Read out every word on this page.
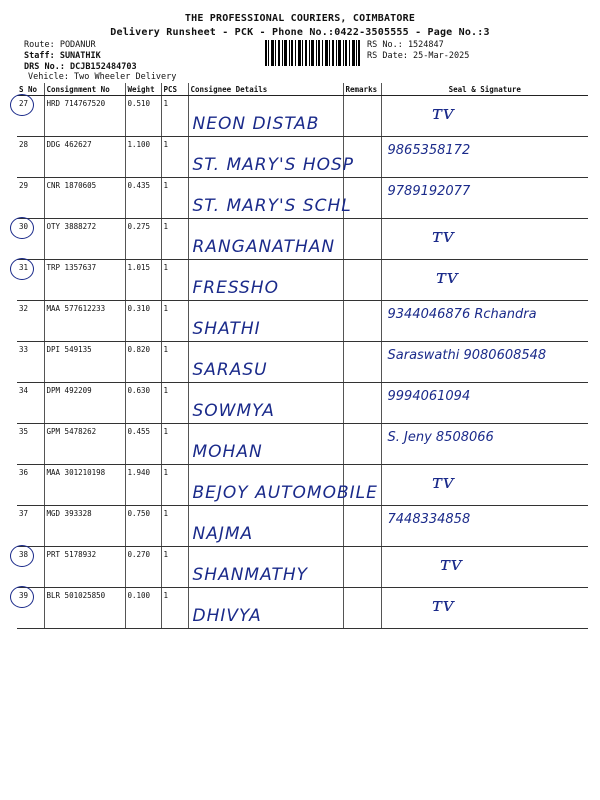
THE PROFESSIONAL COURIERS, COIMBATORE
Delivery Runsheet - PCK - Phone No.:0422-3505555 - Page No.:3
Route: PODANUR
Staff: SUNATHIK
DRS No.: DCJB152484703
Vehicle: Two Wheeler Delivery
RS No.: 1524847
RS Date: 25-Mar-2025
S No	Consignment No	Weight	PCS	Consignee Details	Remarks	Seal & Signature
27	HRD 714767520	0.510	1	NEON DISTAB		ᴛᴠ

28	DDG 462627	1.100	1	ST. MARY'S HOSP		9865358172

29	CNR 1870605	0.435	1	ST. MARY'S SCHL		9789192077

30	OTY 3888272	0.275	1	RANGANATHAN		ᴛᴠ

31	TRP 1357637	1.015	1	FRESSHO		ᴛᴠ

32	MAA 577612233	0.310	1	SHATHI		9344046876 Rchandra

33	DPI 549135	0.820	1	SARASU		Saraswathi 9080608548

34	DPM 492209	0.630	1	SOWMYA		9994061094

35	GPM 5478262	0.455	1	MOHAN		S. Jeny 8508066

36	MAA 301210198	1.940	1	BEJOY AUTOMOBILE		ᴛᴠ

37	MGD 393328	0.750	1	NAJMA		7448334858

38	PRT 5178932	0.270	1	SHANMATHY		ᴛᴠ

39	BLR 501025850	0.100	1	DHIVYA		ᴛᴠ
